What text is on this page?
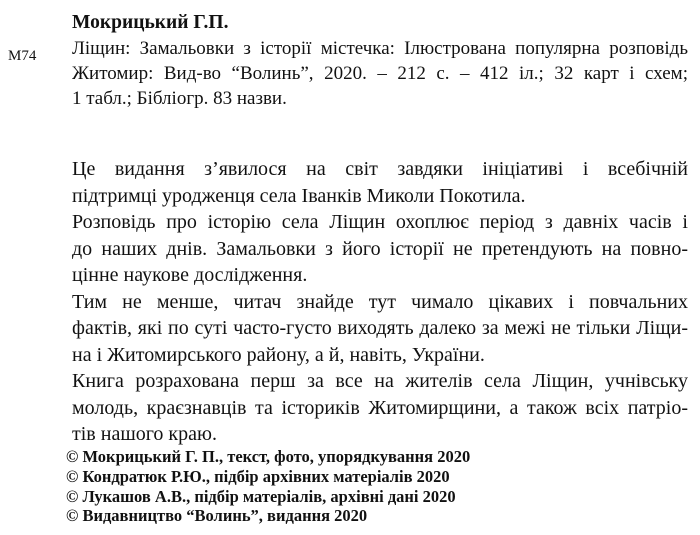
М74
Мокрицький Г.П.
Ліщин: Замальовки з історії містечка: Ілюстрована популярна розповідь
Житомир: Вид-во “Волинь”, 2020. – 212 с. – 412 іл.; 32 карт і схем;
1 табл.; Бібліогр. 83 назви.
Це видання з’явилося на світ завдяки ініціативі і всебічній
підтримці уродженця села Іванків Миколи Покотила.
Розповідь про історію села Ліщин охоплює період з давніх часів і
до наших днів. Замальовки з його історії не претендують на повно-
цінне наукове дослідження.
Тим не менше, читач знайде тут чимало цікавих і повчальних
фактів, які по суті часто-густо виходять далеко за межі не тільки Ліщи-
на і Житомирського району, а й, навіть, України.
Книга розрахована перш за все на жителів села Ліщин, учнівську
молодь, краєзнавців та істориків Житомирщини, а також всіх патріо-
тів нашого краю.
© Мокрицький Г. П., текст, фото, упорядкування 2020
© Кондратюк Р.Ю., підбір архівних матеріалів 2020
© Лукашов А.В., підбір матеріалів, архівні дані 2020
© Видавництво “Волинь”, видання 2020
